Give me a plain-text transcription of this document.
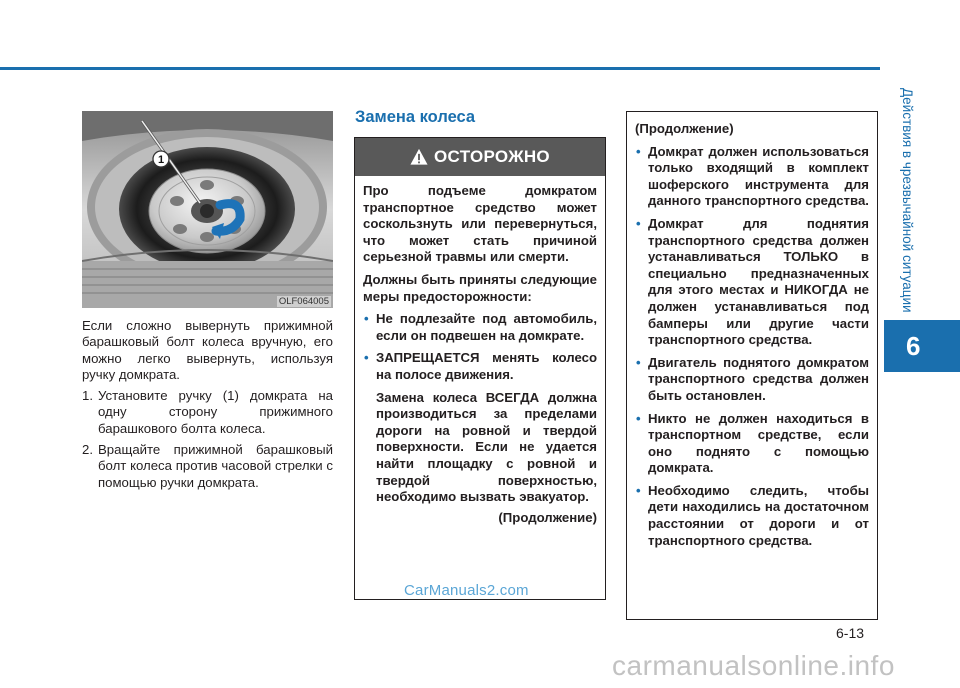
Действия в чрезвычайной ситуации
6
1
OLF064005
Если сложно вывернуть прижимной барашковый болт колеса вручную, его можно легко вывернуть, используя ручку домкрата.
1. Установите ручку (1) домкрата на одну сторону прижимного барашкового болта колеса.
2. Вращайте прижимной барашковый болт колеса против часовой стрелки с помощью ручки домкрата.
Замена колеса
ОСТОРОЖНО

Про подъеме домкратом транспортное средство может соскользнуть или перевернуться, что может стать причиной серьезной травмы или смерти.

Должны быть приняты следующие меры предосторожности:

• Не подлезайте под автомобиль, если он подвешен на домкрате.
• ЗАПРЕЩАЕТСЯ менять колесо на полосе движения.
Замена колеса ВСЕГДА должна производиться за пределами дороги на ровной и твердой поверхности. Если не удается найти площадку с ровной и твердой поверхностью, необходимо вызвать эвакуатор.
(Продолжение)

(Продолжение)

• Домкрат должен использоваться только входящий в комплект шоферского инструмента для данного транспортного средства.
• Домкрат для поднятия транспортного средства должен устанавливаться ТОЛЬКО в специально предназначенных для этого местах и НИКОГДА не должен устанавливаться под бамперы или другие части транспортного средства.
• Двигатель поднятого домкратом транспортного средства должен быть остановлен.
• Никто не должен находиться в транспортном средстве, если оно поднято с помощью домкрата.
• Необходимо следить, чтобы дети находились на достаточном расстоянии от дороги и от транспортного средства.
CarManuals2.com
6-13
carmanualsonline.info
